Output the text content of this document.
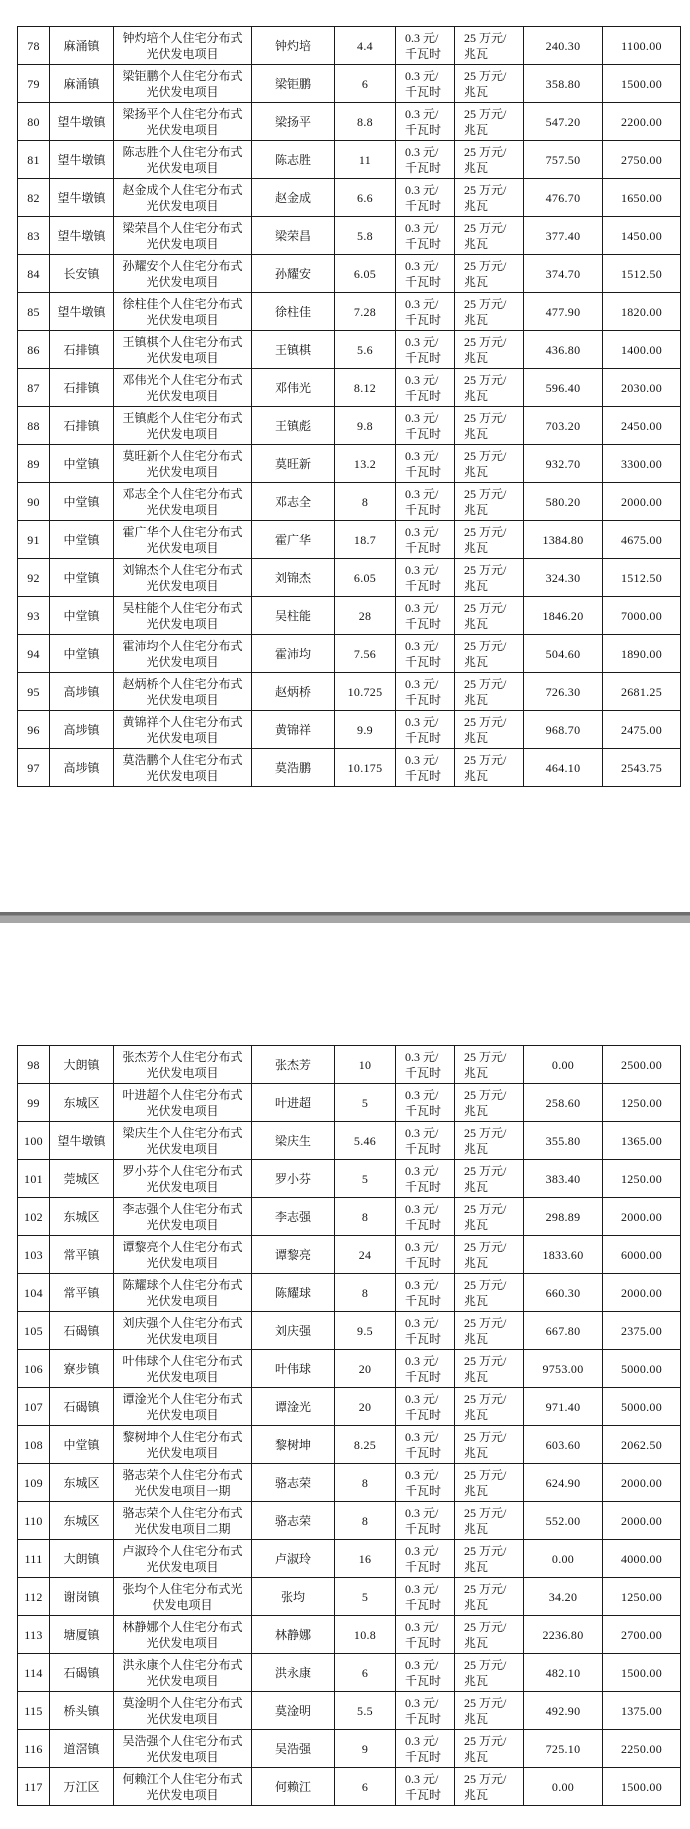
78	麻涌镇	钟灼培个人住宅分布式光伏发电项目	钟灼培	4.4	0.3 元/千瓦时	25 万元/兆瓦	240.30	1100.00
79	麻涌镇	梁钜鹏个人住宅分布式光伏发电项目	梁钜鹏	6	0.3 元/千瓦时	25 万元/兆瓦	358.80	1500.00
80	望牛墩镇	梁扬平个人住宅分布式光伏发电项目	梁扬平	8.8	0.3 元/千瓦时	25 万元/兆瓦	547.20	2200.00
81	望牛墩镇	陈志胜个人住宅分布式光伏发电项目	陈志胜	11	0.3 元/千瓦时	25 万元/兆瓦	757.50	2750.00
82	望牛墩镇	赵金成个人住宅分布式光伏发电项目	赵金成	6.6	0.3 元/千瓦时	25 万元/兆瓦	476.70	1650.00
83	望牛墩镇	梁荣昌个人住宅分布式光伏发电项目	梁荣昌	5.8	0.3 元/千瓦时	25 万元/兆瓦	377.40	1450.00
84	长安镇	孙耀安个人住宅分布式光伏发电项目	孙耀安	6.05	0.3 元/千瓦时	25 万元/兆瓦	374.70	1512.50
85	望牛墩镇	徐柱佳个人住宅分布式光伏发电项目	徐柱佳	7.28	0.3 元/千瓦时	25 万元/兆瓦	477.90	1820.00
86	石排镇	王镇棋个人住宅分布式光伏发电项目	王镇棋	5.6	0.3 元/千瓦时	25 万元/兆瓦	436.80	1400.00
87	石排镇	邓伟光个人住宅分布式光伏发电项目	邓伟光	8.12	0.3 元/千瓦时	25 万元/兆瓦	596.40	2030.00
88	石排镇	王镇彪个人住宅分布式光伏发电项目	王镇彪	9.8	0.3 元/千瓦时	25 万元/兆瓦	703.20	2450.00
89	中堂镇	莫旺新个人住宅分布式光伏发电项目	莫旺新	13.2	0.3 元/千瓦时	25 万元/兆瓦	932.70	3300.00
90	中堂镇	邓志全个人住宅分布式光伏发电项目	邓志全	8	0.3 元/千瓦时	25 万元/兆瓦	580.20	2000.00
91	中堂镇	霍广华个人住宅分布式光伏发电项目	霍广华	18.7	0.3 元/千瓦时	25 万元/兆瓦	1384.80	4675.00
92	中堂镇	刘锦杰个人住宅分布式光伏发电项目	刘锦杰	6.05	0.3 元/千瓦时	25 万元/兆瓦	324.30	1512.50
93	中堂镇	吴柱能个人住宅分布式光伏发电项目	吴柱能	28	0.3 元/千瓦时	25 万元/兆瓦	1846.20	7000.00
94	中堂镇	霍沛均个人住宅分布式光伏发电项目	霍沛均	7.56	0.3 元/千瓦时	25 万元/兆瓦	504.60	1890.00
95	高埗镇	赵炳桥个人住宅分布式光伏发电项目	赵炳桥	10.725	0.3 元/千瓦时	25 万元/兆瓦	726.30	2681.25
96	高埗镇	黄锦祥个人住宅分布式光伏发电项目	黄锦祥	9.9	0.3 元/千瓦时	25 万元/兆瓦	968.70	2475.00
97	高埗镇	莫浩鹏个人住宅分布式光伏发电项目	莫浩鹏	10.175	0.3 元/千瓦时	25 万元/兆瓦	464.10	2543.75
98	大朗镇	张杰芳个人住宅分布式光伏发电项目	张杰芳	10	0.3 元/千瓦时	25 万元/兆瓦	0.00	2500.00
99	东城区	叶进超个人住宅分布式光伏发电项目	叶进超	5	0.3 元/千瓦时	25 万元/兆瓦	258.60	1250.00
100	望牛墩镇	梁庆生个人住宅分布式光伏发电项目	梁庆生	5.46	0.3 元/千瓦时	25 万元/兆瓦	355.80	1365.00
101	莞城区	罗小芬个人住宅分布式光伏发电项目	罗小芬	5	0.3 元/千瓦时	25 万元/兆瓦	383.40	1250.00
102	东城区	李志强个人住宅分布式光伏发电项目	李志强	8	0.3 元/千瓦时	25 万元/兆瓦	298.89	2000.00
103	常平镇	谭黎亮个人住宅分布式光伏发电项目	谭黎亮	24	0.3 元/千瓦时	25 万元/兆瓦	1833.60	6000.00
104	常平镇	陈耀球个人住宅分布式光伏发电项目	陈耀球	8	0.3 元/千瓦时	25 万元/兆瓦	660.30	2000.00
105	石碣镇	刘庆强个人住宅分布式光伏发电项目	刘庆强	9.5	0.3 元/千瓦时	25 万元/兆瓦	667.80	2375.00
106	寮步镇	叶伟球个人住宅分布式光伏发电项目	叶伟球	20	0.3 元/千瓦时	25 万元/兆瓦	9753.00	5000.00
107	石碣镇	谭淦光个人住宅分布式光伏发电项目	谭淦光	20	0.3 元/千瓦时	25 万元/兆瓦	971.40	5000.00
108	中堂镇	黎树坤个人住宅分布式光伏发电项目	黎树坤	8.25	0.3 元/千瓦时	25 万元/兆瓦	603.60	2062.50
109	东城区	骆志荣个人住宅分布式光伏发电项目一期	骆志荣	8	0.3 元/千瓦时	25 万元/兆瓦	624.90	2000.00
110	东城区	骆志荣个人住宅分布式光伏发电项目二期	骆志荣	8	0.3 元/千瓦时	25 万元/兆瓦	552.00	2000.00
111	大朗镇	卢淑玲个人住宅分布式光伏发电项目	卢淑玲	16	0.3 元/千瓦时	25 万元/兆瓦	0.00	4000.00
112	谢岗镇	张均个人住宅分布式光伏发电项目	张均	5	0.3 元/千瓦时	25 万元/兆瓦	34.20	1250.00
113	塘厦镇	林静娜个人住宅分布式光伏发电项目	林静娜	10.8	0.3 元/千瓦时	25 万元/兆瓦	2236.80	2700.00
114	石碣镇	洪永康个人住宅分布式光伏发电项目	洪永康	6	0.3 元/千瓦时	25 万元/兆瓦	482.10	1500.00
115	桥头镇	莫淦明个人住宅分布式光伏发电项目	莫淦明	5.5	0.3 元/千瓦时	25 万元/兆瓦	492.90	1375.00
116	道滘镇	吴浩强个人住宅分布式光伏发电项目	吴浩强	9	0.3 元/千瓦时	25 万元/兆瓦	725.10	2250.00
117	万江区	何赖江个人住宅分布式光伏发电项目	何赖江	6	0.3 元/千瓦时	25 万元/兆瓦	0.00	1500.00
